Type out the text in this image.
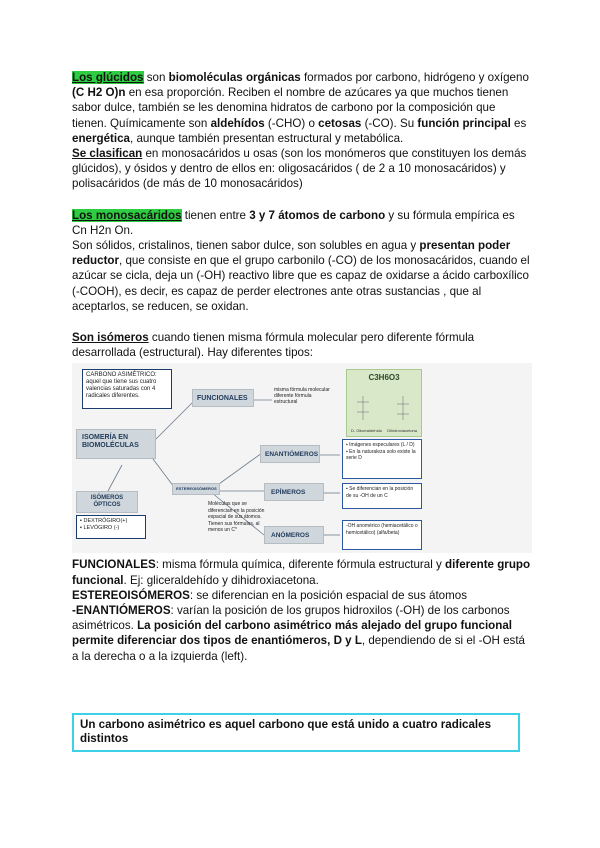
Los glúcidos son biomoléculas orgánicas formados por carbono, hidrógeno y oxígeno
(C H2 O)n en esa proporción. Reciben el nombre de azúcares ya que muchos tienen sabor dulce, también se les denomina hidratos de carbono por la composición que tienen. Químicamente son aldehídos (-CHO) o cetosas (-CO). Su función principal es energética, aunque también presentan estructural y metabólica.
Se clasifican en monosacáridos u osas (son los monómeros que constituyen los demás glúcidos), y ósidos y dentro de ellos en: oligosacáridos ( de 2 a 10 monosacáridos) y polisacáridos (de más de 10 monosacáridos)

Los monosacáridos tienen entre 3 y 7 átomos de carbono y su fórmula empírica es
Cn H2n On.
Son sólidos, cristalinos, tienen sabor dulce, son solubles en agua y presentan poder reductor, que consiste en que el grupo carbonilo (-CO) de los monosacáridos, cuando el azúcar se cicla, deja un (-OH) reactivo libre que es capaz de oxidarse a ácido carboxílico (-COOH), es decir, es capaz de perder electrones ante otras sustancias , que al aceptarlos, se reducen, se oxidan.

Son isómeros cuando tienen misma fórmula molecular pero diferente fórmula desarrollada (estructural). Hay diferentes tipos:

CARBONO ASIMÉTRICO: aquel que tiene sus cuatro valencias saturadas con 4 radicales diferentes.
ISOMERÍA EN BIOMOLÉCULAS
FUNCIONALES
misma fórmula molecular diferente fórmula estructural
C3H6O3
D- Gliceraldehído Dihidroxiacetona
ESTEREOISÓMEROS
Moléculas que se diferencian en la posición espacial de sus átomos. Tienen sus fórmulas, al menos un C*
ISÓMEROS ÓPTICOS
▪ DEXTRÓGIRO(+)
▪ LEVÓGIRO (-)
ENANTIÓMEROS
▪ Imágenes especulares (L / D)
▪ En la naturaleza solo existe la serie D
EPÍMEROS	▪ Se diferencian en la posición de su -OH de un C
ANÓMEROS
-OH anomérico (hemiacetálico o hemicetálico) (alfa/beta)

FUNCIONALES: misma fórmula química, diferente fórmula estructural y diferente grupo funcional. Ej: gliceraldehído y dihidroxiacetona.
ESTEREOISÓMEROS: se diferencian en la posición espacial de sus átomos
-ENANTIÓMEROS: varían la posición de los grupos hidroxilos (-OH) de los carbonos asimétricos. La posición del carbono asimétrico más alejado del grupo funcional permite diferenciar dos tipos de enantiómeros, D y L, dependiendo de si el -OH está a la derecha o a la izquierda (left).

Un carbono asimétrico es aquel carbono que está unido a cuatro radicales distintos
